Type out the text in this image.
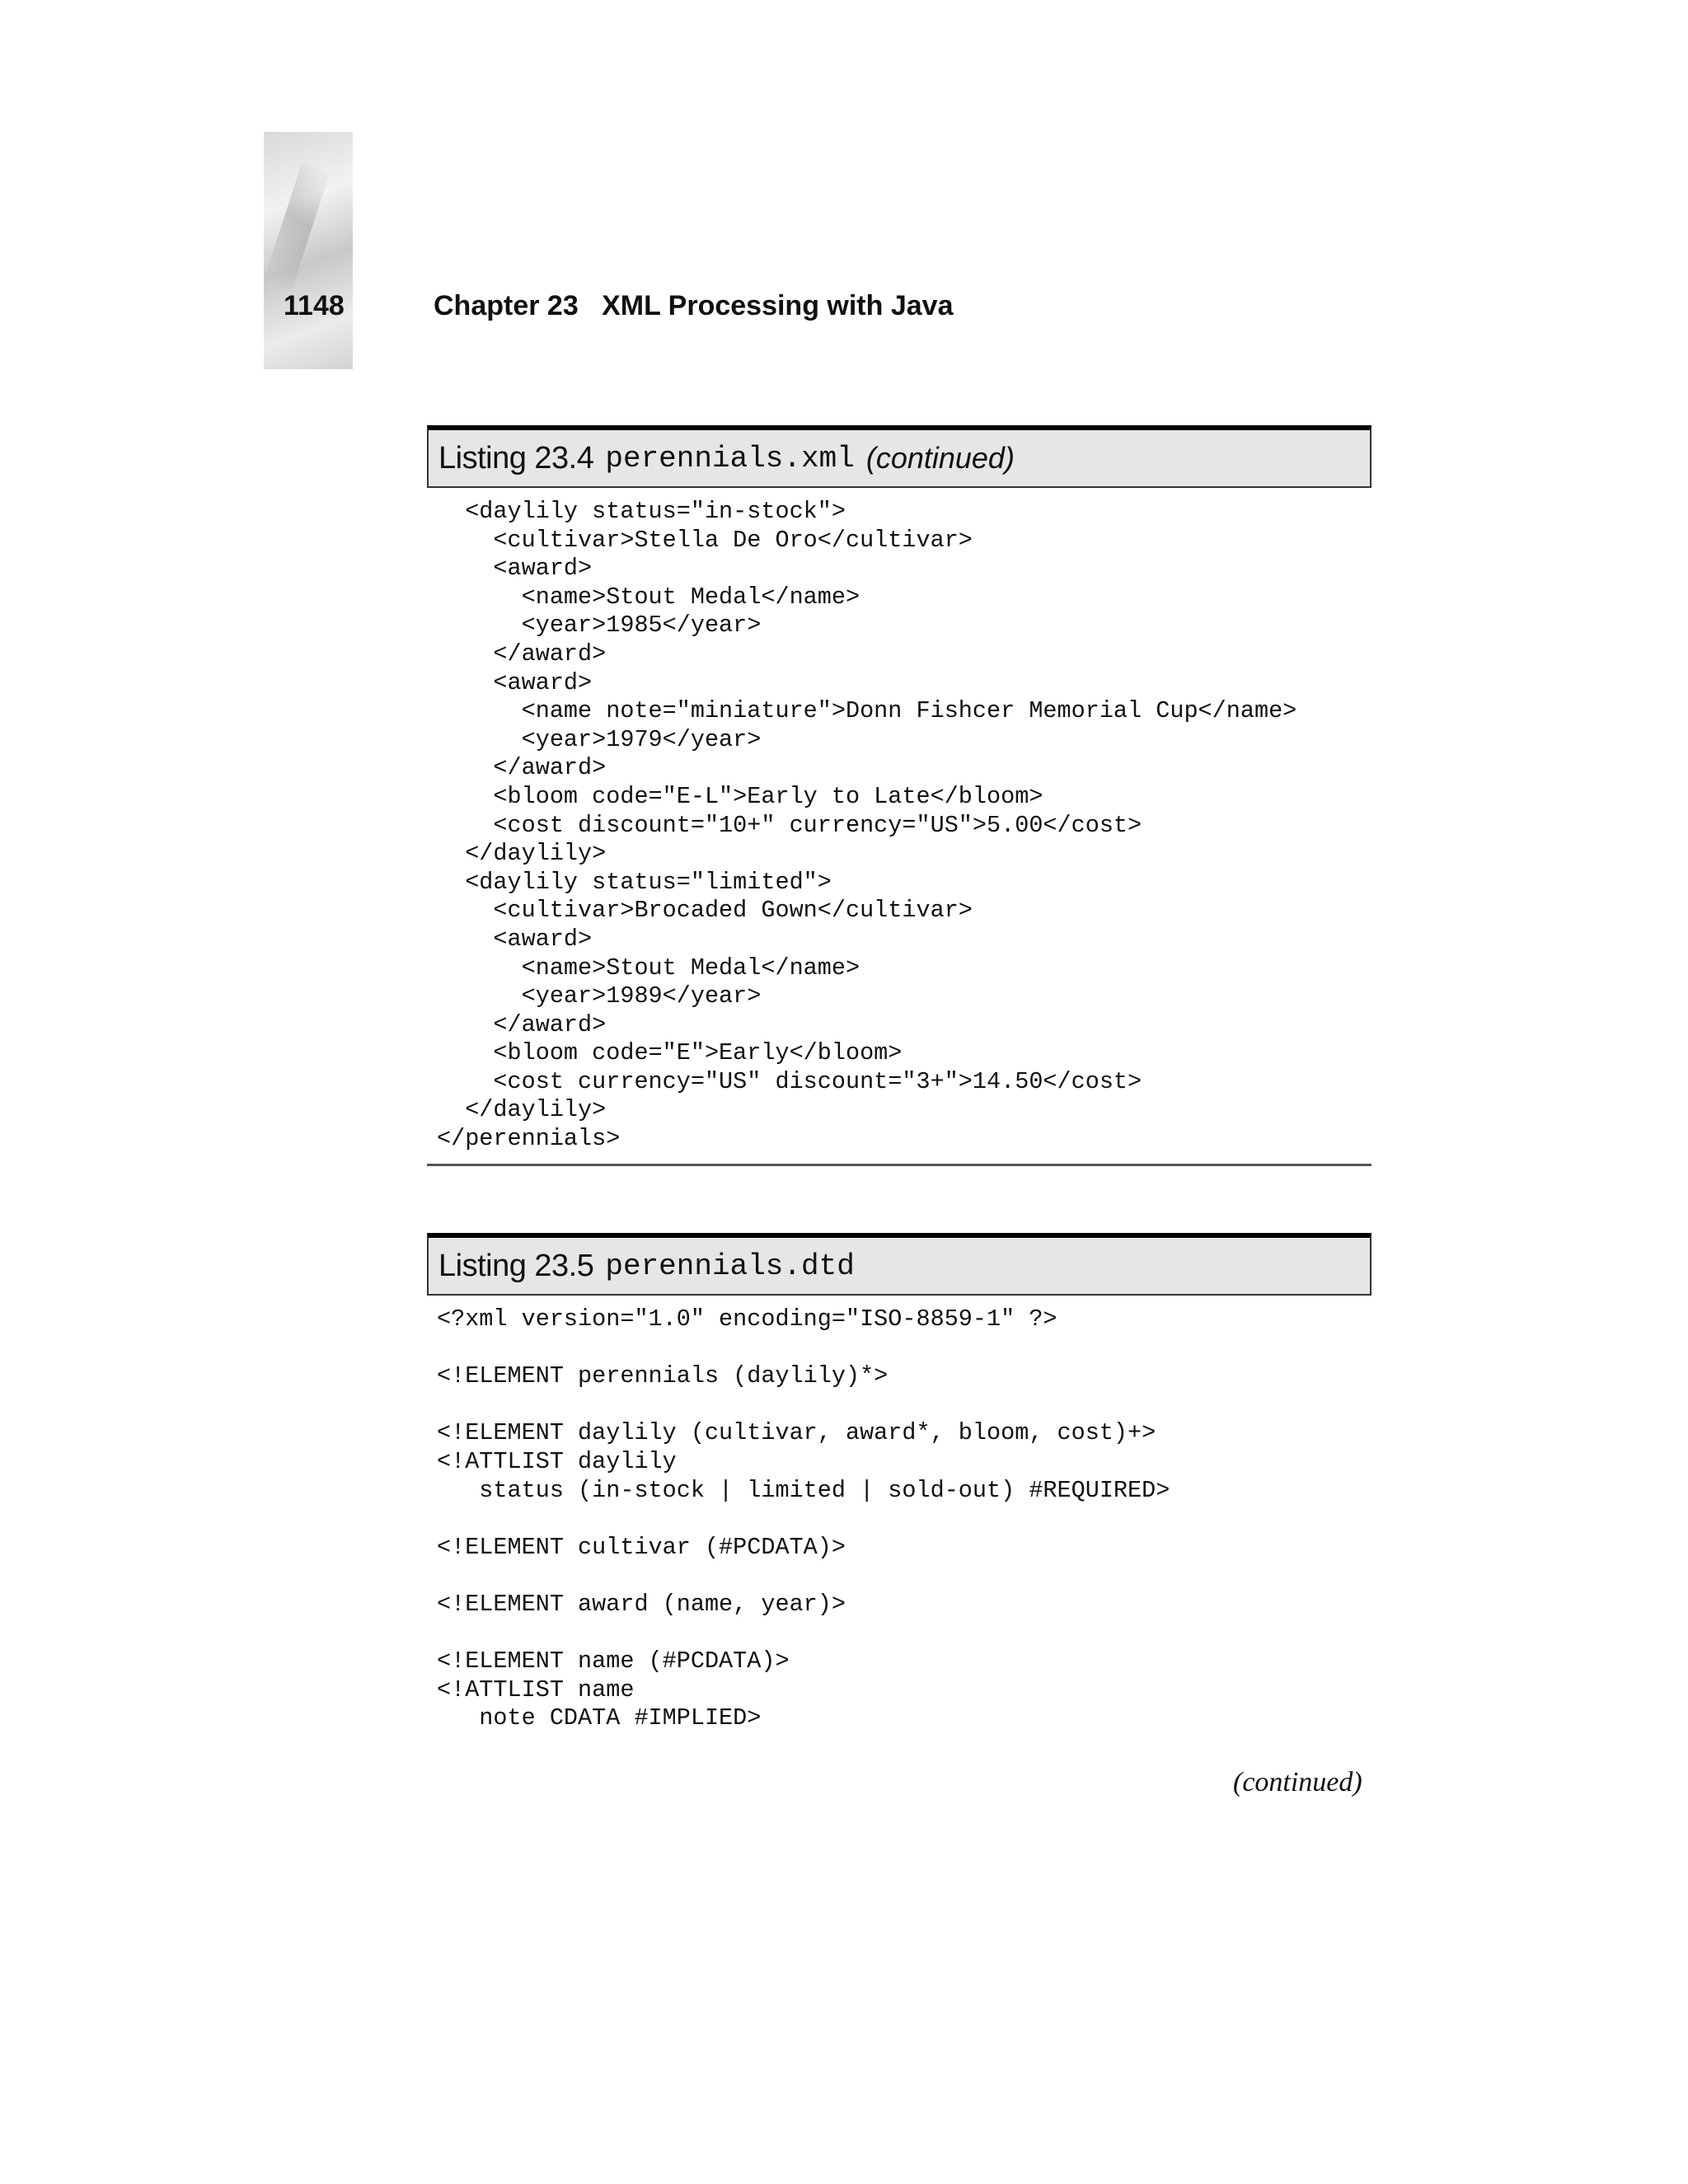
1148	Chapter 23   XML Processing with Java
Listing 23.4 perennials.xml (continued)
<daylily status="in-stock">
<cultivar>Stella De Oro</cultivar>
<award>
<name>Stout Medal</name>
<year>1985</year>
</award>
<award>
<name note="miniature">Donn Fishcer Memorial Cup</name>
<year>1979</year>
</award>
<bloom code="E-L">Early to Late</bloom>
<cost discount="10+" currency="US">5.00</cost>
</daylily>
<daylily status="limited">
<cultivar>Brocaded Gown</cultivar>
<award>
<name>Stout Medal</name>
<year>1989</year>
</award>
<bloom code="E">Early</bloom>
<cost currency="US" discount="3+">14.50</cost>
</daylily>
</perennials>
Listing 23.5 perennials.dtd
<?xml version="1.0" encoding="ISO-8859-1" ?>
<!ELEMENT perennials (daylily)*>
<!ELEMENT daylily (cultivar, award*, bloom, cost)+>
<!ATTLIST daylily
status (in-stock | limited | sold-out) #REQUIRED>
<!ELEMENT cultivar (#PCDATA)>
<!ELEMENT award (name, year)>
<!ELEMENT name (#PCDATA)>
<!ATTLIST name
note CDATA #IMPLIED>
(continued)
